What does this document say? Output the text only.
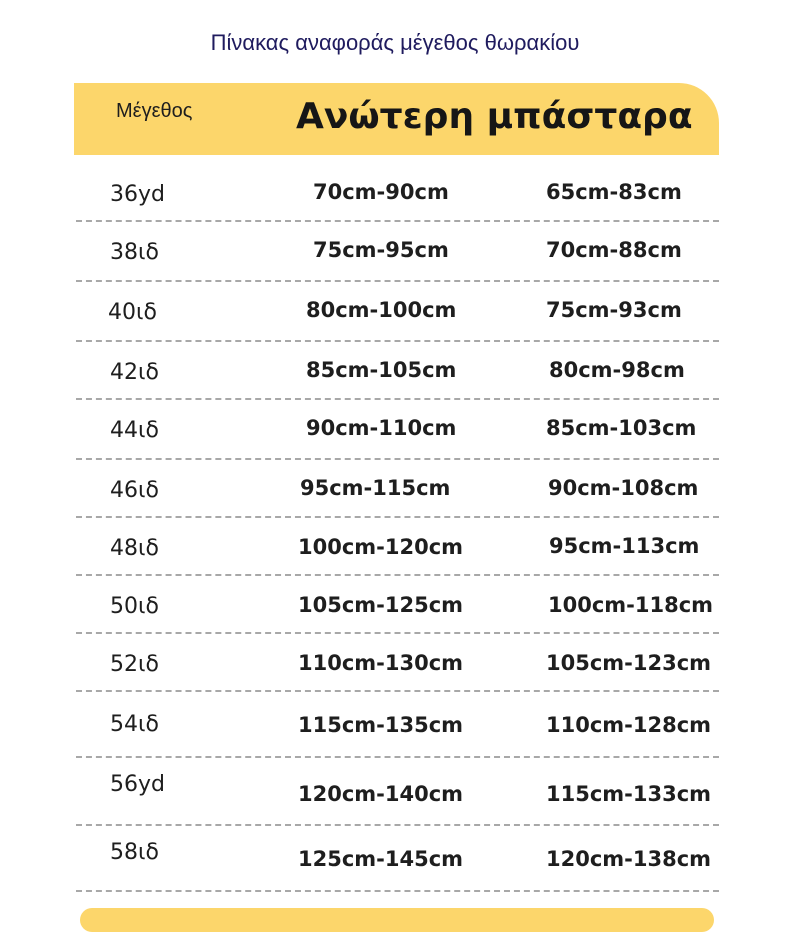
Πίνακας αναφοράς μέγεθος θωρακίου
Μέγεθος	Ανώτερη μπάσταρα
36yd	70cm-90cm	65cm-83cm
38ιδ	75cm-95cm	70cm-88cm
40ιδ	80cm-100cm	75cm-93cm
42ιδ	85cm-105cm	80cm-98cm
44ιδ	90cm-110cm	85cm-103cm
46ιδ	95cm-115cm	90cm-108cm
48ιδ	100cm-120cm	95cm-113cm
50ιδ	105cm-125cm	100cm-118cm
52ιδ	110cm-130cm	105cm-123cm
54ιδ	115cm-135cm	110cm-128cm
56yd	120cm-140cm	115cm-133cm
58ιδ	125cm-145cm	120cm-138cm
